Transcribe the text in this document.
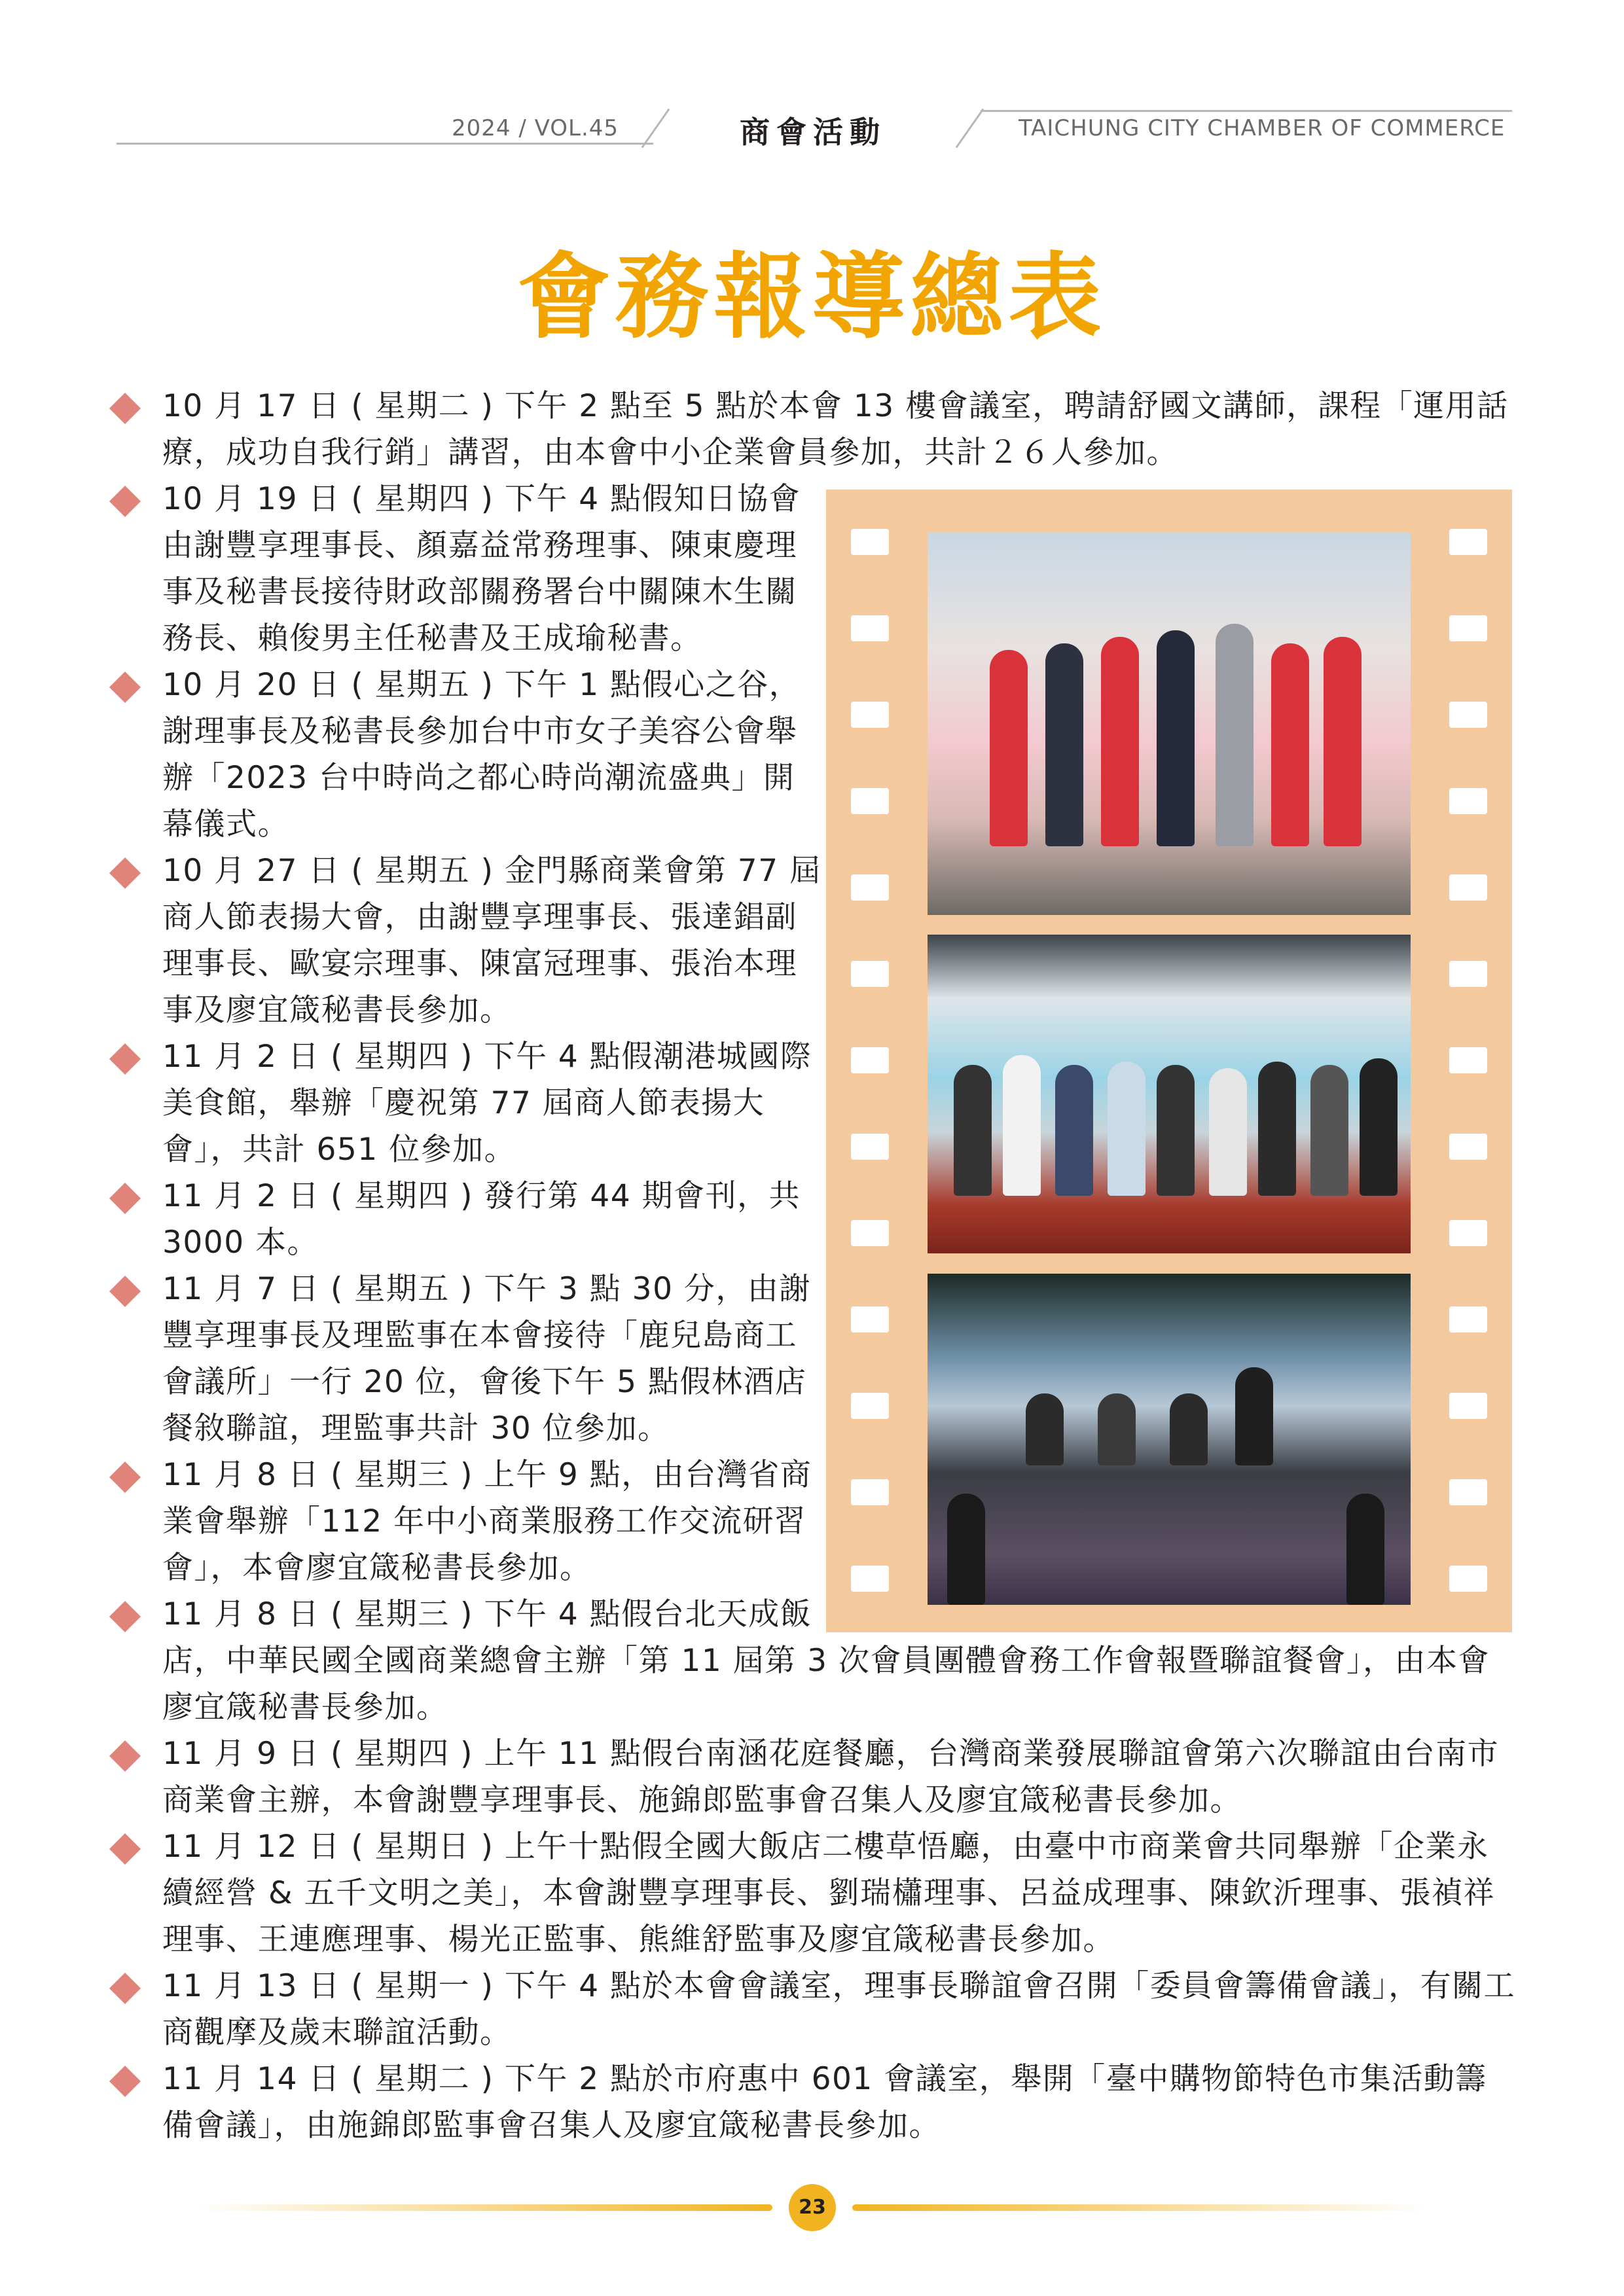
2024 / VOL.45	商會活動	TAICHUNG CITY CHAMBER OF COMMERCE
會務報導總表
10 月 17 日 ( 星期二 ) 下午 2 點至 5 點於本會 13 樓會議室，聘請舒國文講師，課程「運用話療，成功自我行銷」講習，由本會中小企業會員參加，共計２６人參加。
10 月 19 日 ( 星期四 ) 下午 4 點假知日協會由謝豐享理事長、顏嘉益常務理事、陳東慶理事及秘書長接待財政部關務署台中關陳木生關務長、賴俊男主任秘書及王成瑜秘書。
10 月 20 日 ( 星期五 ) 下午 1 點假心之谷，謝理事長及秘書長參加台中市女子美容公會舉辦「2023 台中時尚之都心時尚潮流盛典」開幕儀式。
10 月 27 日 ( 星期五 ) 金門縣商業會第 77 屆商人節表揚大會，由謝豐享理事長、張達錩副理事長、歐宴宗理事、陳富冠理事、張治本理事及廖宜箴秘書長參加。
11 月 2 日 ( 星期四 ) 下午 4 點假潮港城國際美食館，舉辦「慶祝第 77 屆商人節表揚大會」，共計 651 位參加。
11 月 2 日 ( 星期四 ) 發行第 44 期會刊，共 3000 本。
11 月 7 日 ( 星期五 ) 下午 3 點 30 分，由謝豐享理事長及理監事在本會接待「鹿兒島商工會議所」一行 20 位，會後下午 5 點假林酒店餐敘聯誼，理監事共計 30 位參加。
11 月 8 日 ( 星期三 ) 上午 9 點，由台灣省商業會舉辦「112 年中小商業服務工作交流研習會」，本會廖宜箴秘書長參加。
11 月 8 日 ( 星期三 ) 下午 4 點假台北天成飯
店，中華民國全國商業總會主辦「第 11 屆第 3 次會員團體會務工作會報暨聯誼餐會」，由本會廖宜箴秘書長參加。
11 月 9 日 ( 星期四 ) 上午 11 點假台南涵花庭餐廳，台灣商業發展聯誼會第六次聯誼由台南市商業會主辦，本會謝豐享理事長、施錦郎監事會召集人及廖宜箴秘書長參加。
11 月 12 日 ( 星期日 ) 上午十點假全國大飯店二樓草悟廳，由臺中市商業會共同舉辦「企業永續經營 & 五千文明之美」，本會謝豐享理事長、劉瑞櫹理事、呂益成理事、陳欽沂理事、張禎祥理事、王連應理事、楊光正監事、熊維舒監事及廖宜箴秘書長參加。
11 月 13 日 ( 星期一 ) 下午 4 點於本會會議室，理事長聯誼會召開「委員會籌備會議」，有關工商觀摩及歲末聯誼活動。
11 月 14 日 ( 星期二 ) 下午 2 點於市府惠中 601 會議室，舉開「臺中購物節特色市集活動籌備會議」，由施錦郎監事會召集人及廖宜箴秘書長參加。
23
